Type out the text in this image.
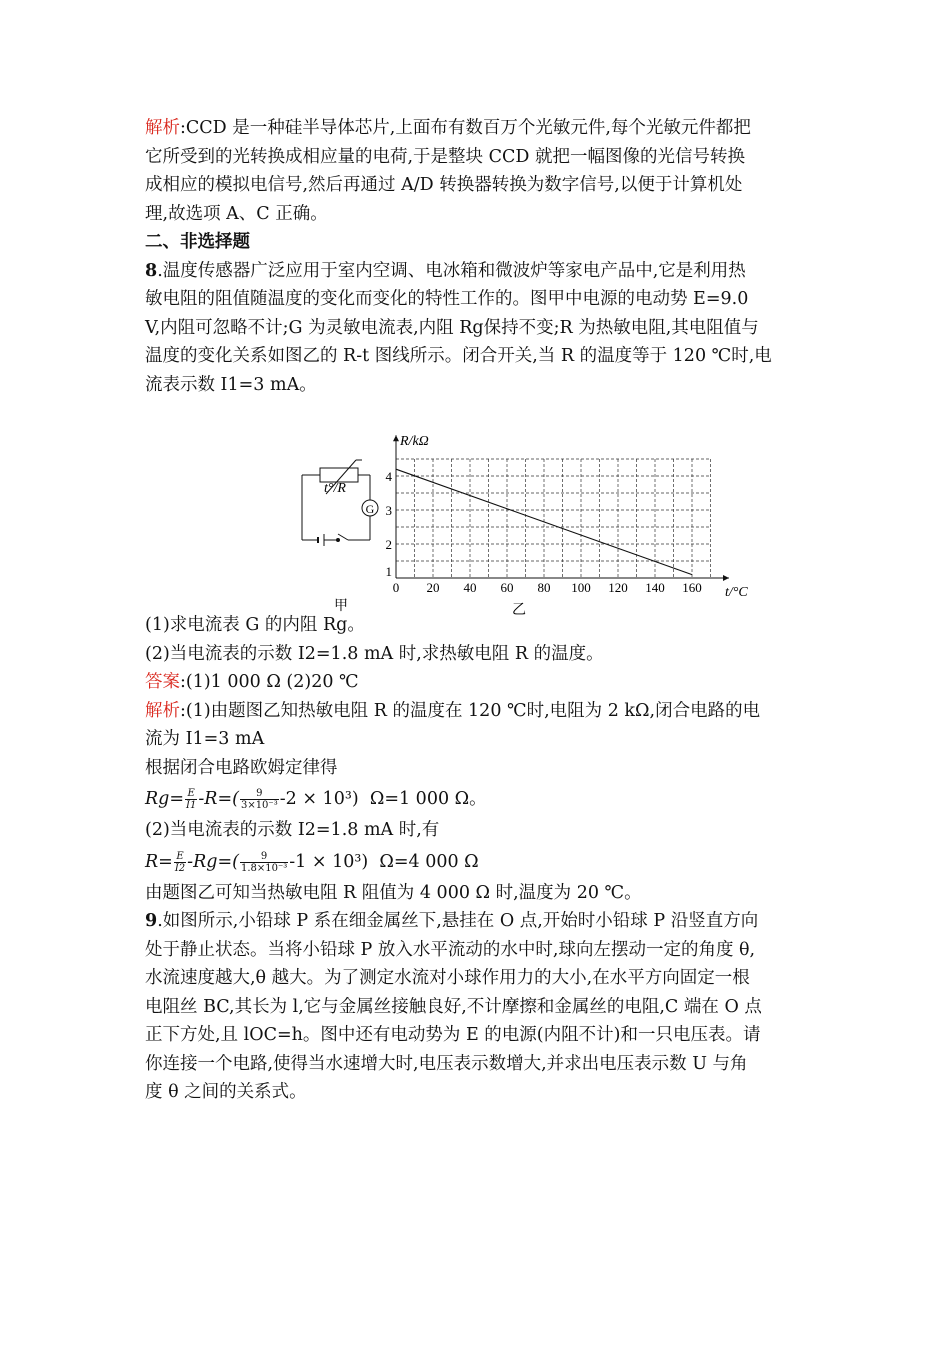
解析:CCD 是一种硅半导体芯片,上面布有数百万个光敏元件,每个光敏元件都把
它所受到的光转换成相应量的电荷,于是整块 CCD 就把一幅图像的光信号转换
成相应的模拟电信号,然后再通过 A/D 转换器转换为数字信号,以便于计算机处
理,故选项 A、C 正确。
二、非选择题
8.温度传感器广泛应用于室内空调、电冰箱和微波炉等家电产品中,它是利用热
敏电阻的阻值随温度的变化而变化的特性工作的。图甲中电源的电动势 E=9.0
V,内阻可忽略不计;G 为灵敏电流表,内阻 Rg保持不变;R 为热敏电阻,其电阻值与
温度的变化关系如图乙的 R-t 图线所示。闭合开关,当 R 的温度等于 120 ℃时,电
流表示数 I1=3 mA。
(1)求电流表 G 的内阻 Rg。
(2)当电流表的示数 I2=1.8 mA 时,求热敏电阻 R 的温度。
答案:(1)1 000 Ω (2)20 ℃
解析:(1)由题图乙知热敏电阻 R 的温度在 120 ℃时,电阻为 2 kΩ,闭合电路的电
流为 I1=3 mA
根据闭合电路欧姆定律得
$Rg= \frac{E}{I1} -R=( \frac{9}{\text{3×10⁻³}} -2 \times 10^3)$ Ω=1 000 Ω。
(2)当电流表的示数 I2=1.8 mA 时,有
$R= \frac{E}{I2} -Rg=( \frac{9}{\text{1.8×10⁻³}} -1 \times 10^3)$ Ω=4 000 Ω
由题图乙可知当热敏电阻 R 阻值为 4 000 Ω 时,温度为 20 ℃。
9.如图所示,小铅球 P 系在细金属丝下,悬挂在 O 点,开始时小铅球 P 沿竖直方向
处于静止状态。当将小铅球 P 放入水平流动的水中时,球向左摆动一定的角度 θ,
水流速度越大,θ 越大。为了测定水流对小球作用力的大小,在水平方向固定一根
电阻丝 BC,其长为 l,它与金属丝接触良好,不计摩擦和金属丝的电阻,C 端在 O 点
正下方处,且 lOC=h。图中还有电动势为 E 的电源(内阻不计)和一只电压表。请
你连接一个电路,使得当水速增大时,电压表示数增大,并求出电压表示数 U 与角
度 θ 之间的关系式。
t°/R
G
甲
0 20 40 60 80 100 120 140 160
1
2
3
4
R/kΩ
t/°C
乙
